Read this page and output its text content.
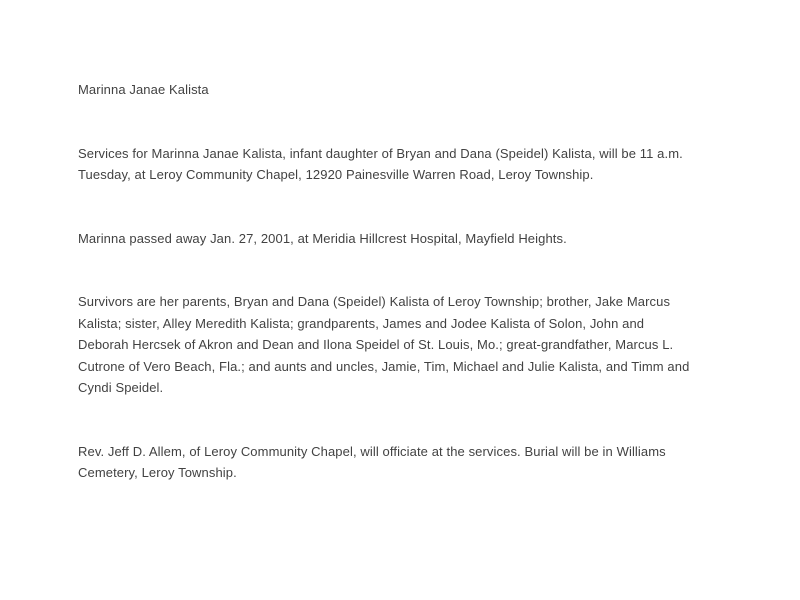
Marinna Janae Kalista

Services for Marinna Janae Kalista, infant daughter of Bryan and Dana (Speidel) Kalista, will be 11 a.m. Tuesday, at Leroy Community Chapel, 12920 Painesville Warren Road, Leroy Township.

Marinna passed away Jan. 27, 2001, at Meridia Hillcrest Hospital, Mayfield Heights.

Survivors are her parents, Bryan and Dana (Speidel) Kalista of Leroy Township; brother, Jake Marcus Kalista; sister, Alley Meredith Kalista; grandparents, James and Jodee Kalista of Solon, John and Deborah Hercsek of Akron and Dean and Ilona Speidel of St. Louis, Mo.; great-grandfather, Marcus L. Cutrone of Vero Beach, Fla.; and aunts and uncles, Jamie, Tim, Michael and Julie Kalista, and Timm and Cyndi Speidel.

Rev. Jeff D. Allem, of Leroy Community Chapel, will officiate at the services. Burial will be in Williams Cemetery, Leroy Township.
